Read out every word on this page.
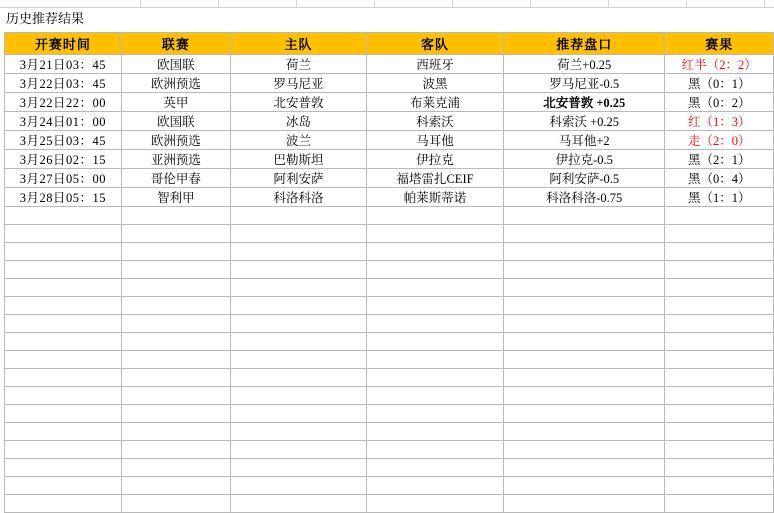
历史推荐结果
开赛时间	联赛	主队	客队	推荐盘口	赛果
3月21日03：45	欧国联	荷兰	西班牙	荷兰+0.25	红半（2：2）
3月22日03：45	欧洲预选	罗马尼亚	波黑	罗马尼亚-0.5	黑（0：1）
3月22日22：00	英甲	北安普敦	布莱克浦	北安普敦 +0.25	黑（0：2）
3月24日01：00	欧国联	冰岛	科索沃	科索沃 +0.25	红（1：3）
3月25日03：45	欧洲预选	波兰	马耳他	马耳他+2	走（2：0）
3月26日02：15	亚洲预选	巴勒斯坦	伊拉克	伊拉克-0.5	黑（2：1）
3月27日05：00	哥伦甲春	阿利安萨	福塔雷扎CEIF	阿利安萨-0.5	黑（0：4）
3月28日05：15	智利甲	科洛科洛	帕莱斯蒂诺	科洛科洛-0.75	黑（1：1）
